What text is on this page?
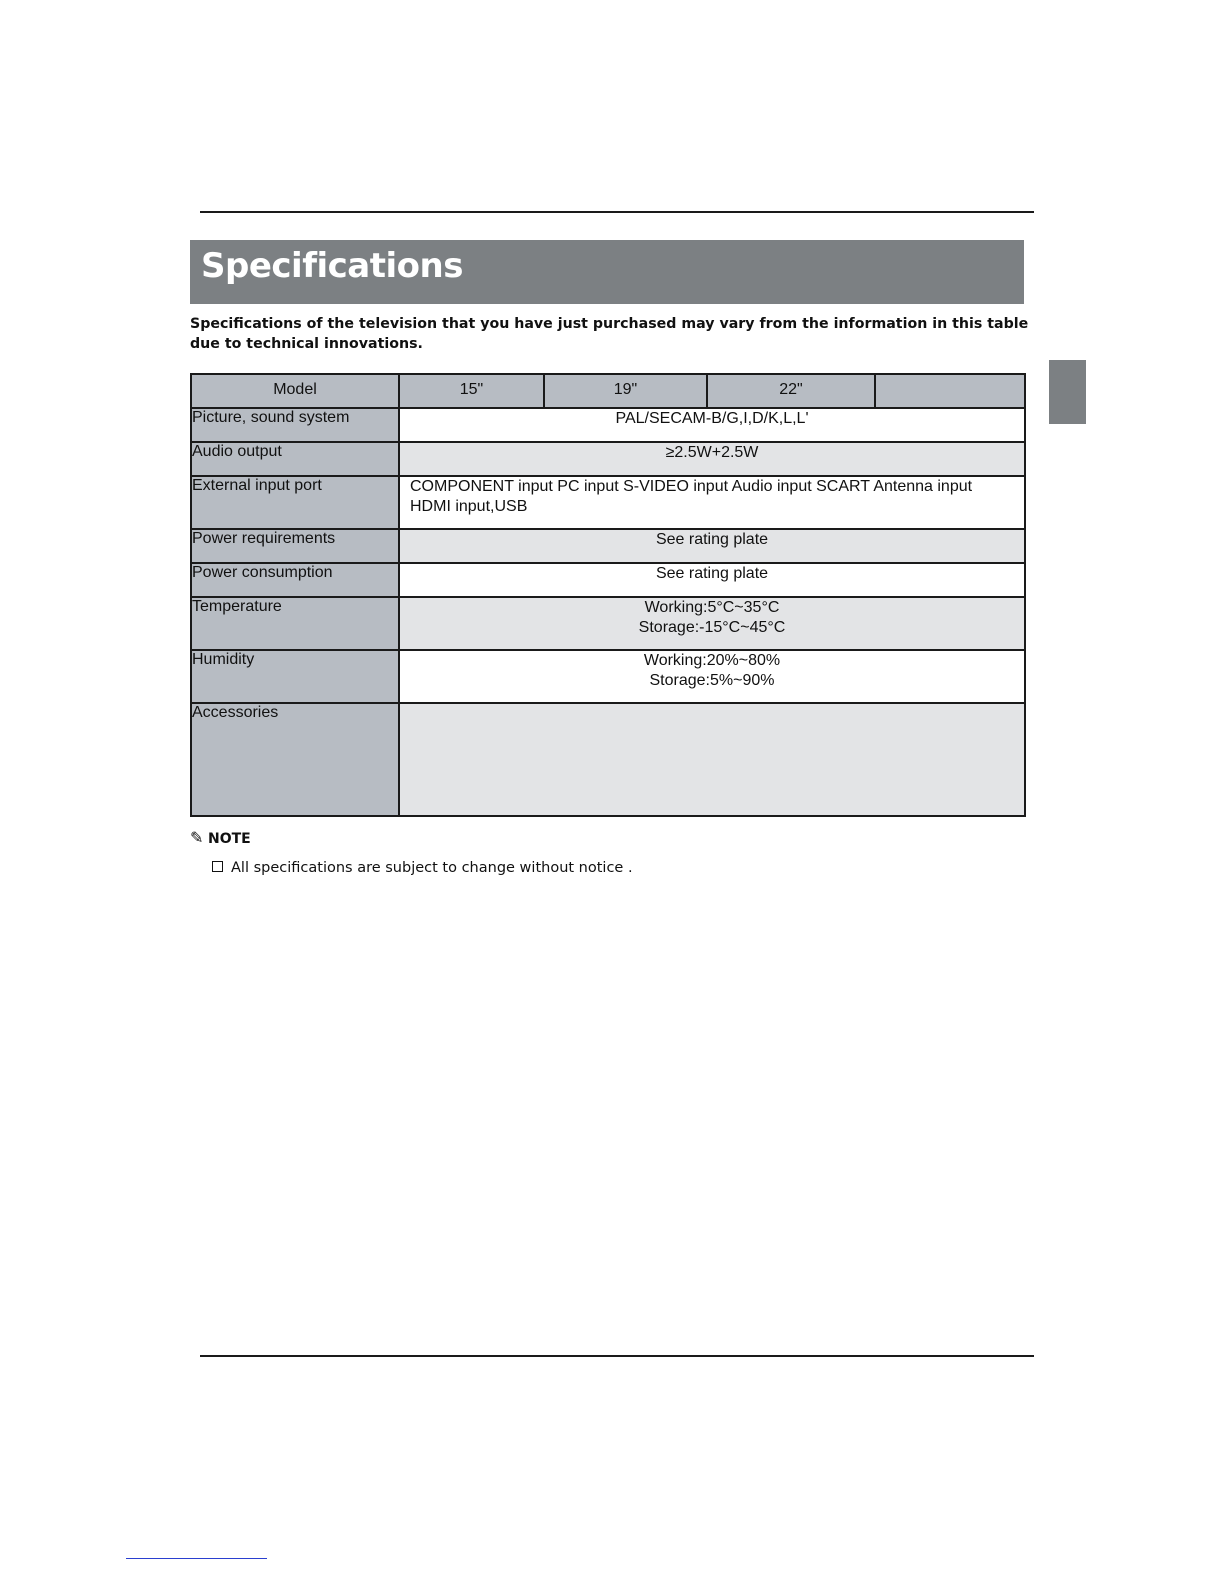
Specifications
Specifications of the television that you have just purchased may vary from the information in this table due to technical innovations.
Model	15"	19"	22"	
Picture, sound system	PAL/SECAM-B/G,I,D/K,L,L'			
Audio output	≥2.5W+2.5W			
External input port	COMPONENT input PC input S-VIDEO input Audio input SCART Antenna input
HDMI input,USB			

Power requirements	See rating plate			
Power consumption	See rating plate			
Temperature	Working:5°C~35°C
Storage:-15°C~45°C			

Humidity	Working:20%~80%
Storage:5%~90%			

Accessories				
✎ NOTE
All specifications are subject to change without notice .
